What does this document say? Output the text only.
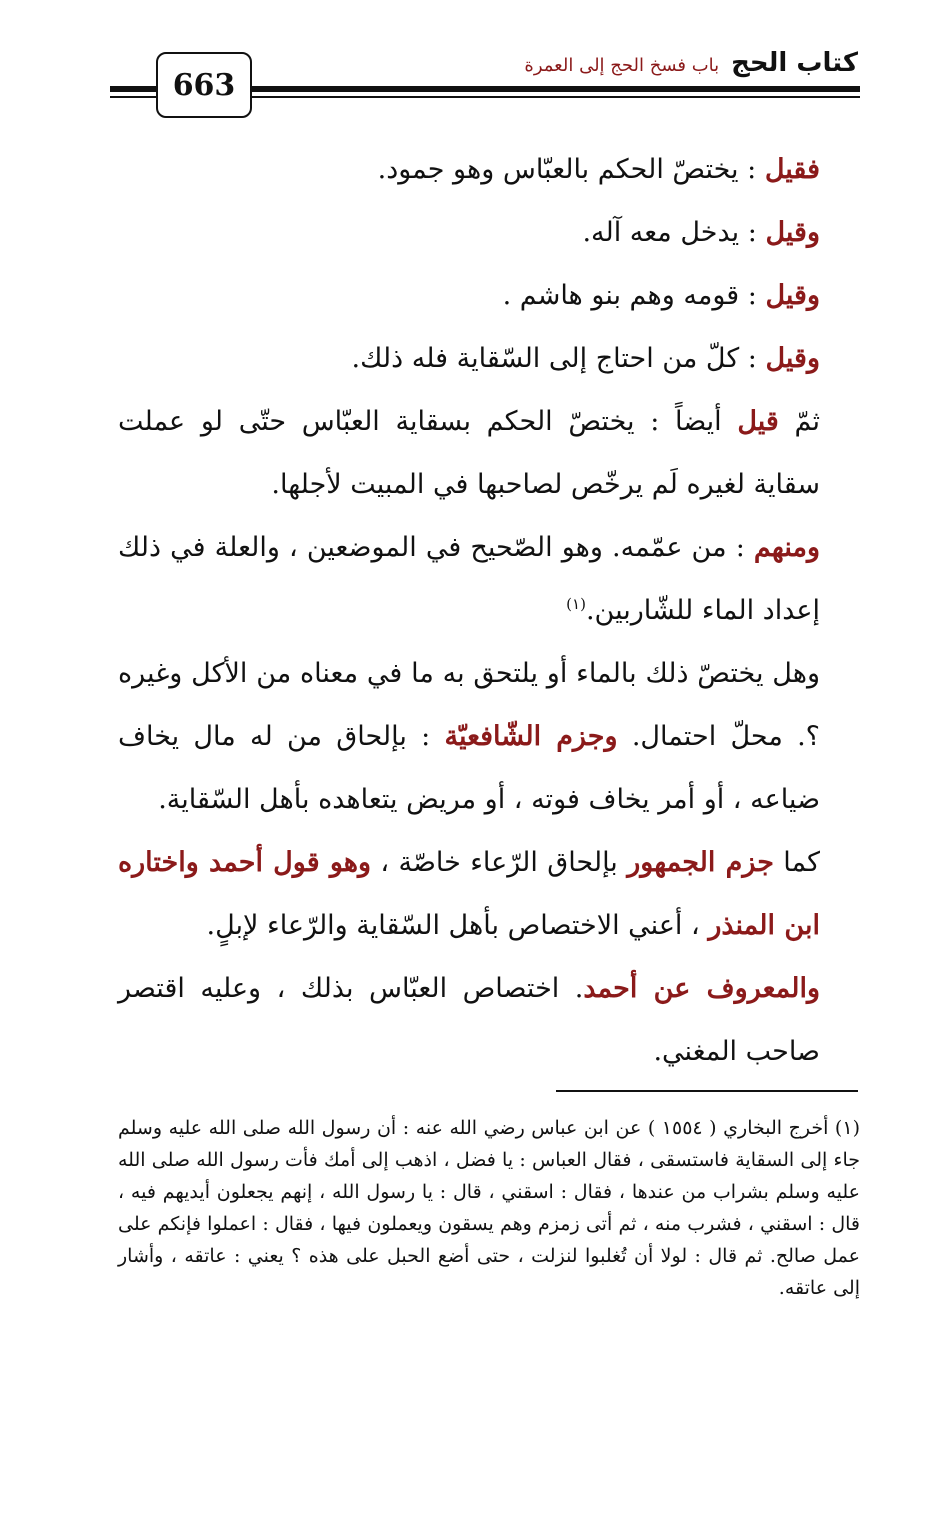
663
كتاب الحج
باب فسخ الحج إلى العمرة

فقيل : يختصّ الحكم بالعبّاس وهو جمود.

وقيل : يدخل معه آله.

وقيل : قومه وهم بنو هاشم .

وقيل : كلّ من احتاج إلى السّقاية فله ذلك.

ثمّ قيل أيضاً : يختصّ الحكم بسقاية العبّاس حتّى لو عملت سقاية لغيره لَم يرخّص لصاحبها في المبيت لأجلها.

ومنهم : من عمّمه. وهو الصّحيح في الموضعين ، والعلة في ذلك إعداد الماء للشّاربين.$^{(١)}$

وهل يختصّ ذلك بالماء أو يلتحق به ما في معناه من الأكل وغيره ؟. محلّ احتمال. وجزم الشّافعيّة : بإلحاق من له مال يخاف ضياعه ، أو أمر يخاف فوته ، أو مريض يتعاهده بأهل السّقاية.

كما جزم الجمهور بإلحاق الرّعاء خاصّة ، وهو قول أحمد واختاره ابن المنذر ، أعني الاختصاص بأهل السّقاية والرّعاء لإبلٍ.

والمعروف عن أحمد. اختصاص العبّاس بذلك ، وعليه اقتصر صاحب المغني.

(١) أخرج البخاري ( ١٥٥٤ ) عن ابن عباس رضي الله عنه : أن رسول الله صلى الله عليه وسلم جاء إلى السقاية فاستسقى ، فقال العباس : يا فضل ، اذهب إلى أمك فأت رسول الله صلى الله عليه وسلم بشراب من عندها ، فقال : اسقني ، قال : يا رسول الله ، إنهم يجعلون أيديهم فيه ، قال : اسقني ، فشرب منه ، ثم أتى زمزم وهم يسقون ويعملون فيها ، فقال : اعملوا فإنكم على عمل صالح. ثم قال : لولا أن تُغلبوا لنزلت ، حتى أضع الحبل على هذه ؟ يعني : عاتقه ، وأشار إلى عاتقه.
